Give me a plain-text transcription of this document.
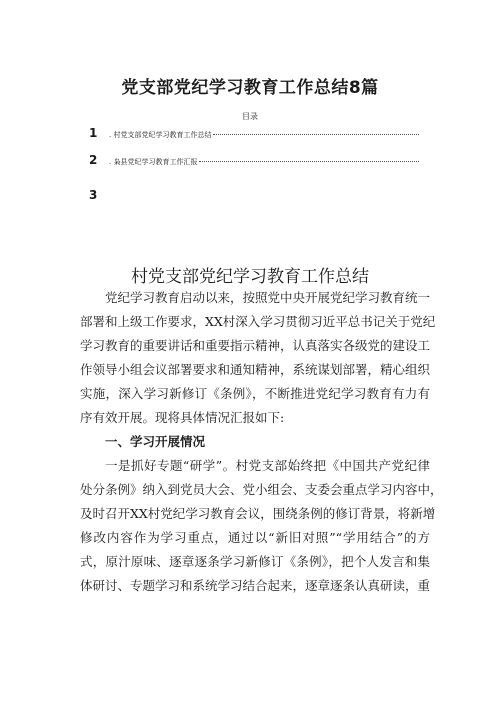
党支部党纪学习教育工作总结8篇
目录
1	. 村党支部党纪学习教育工作总结
2	. 枭县党纪学习教育工作汇报
3
村党支部党纪学习教育工作总结

党纪学习教育启动以来，按照党中央开展党纪学习教育统一
部署和上级工作要求，XX村深入学习贯彻习近平总书记关于党纪
学习教育的重要讲话和重要指示精神，认真落实各级党的建设工
作领导小组会议部署要求和通知精神，系统谋划部署，精心组织
实施，深入学习新修订《条例》，不断推进党纪学习教育有力有
序有效开展。现将具体情况汇报如下:

一、学习开展情况

一是抓好专题“研学”。村党支部始终把《中国共产党纪律
处分条例》纳入到党员大会、党小组会、支委会重点学习内容中，
及时召开XX村党纪学习教育会议，围绕条例的修订背景，将新增
修改内容作为学习重点，通过以“新旧对照”“学用结合”的方
式，原汁原味、逐章逐条学习新修订《条例》，把个人发言和集
体研讨、专题学习和系统学习结合起来，逐章逐条认真研读，重
